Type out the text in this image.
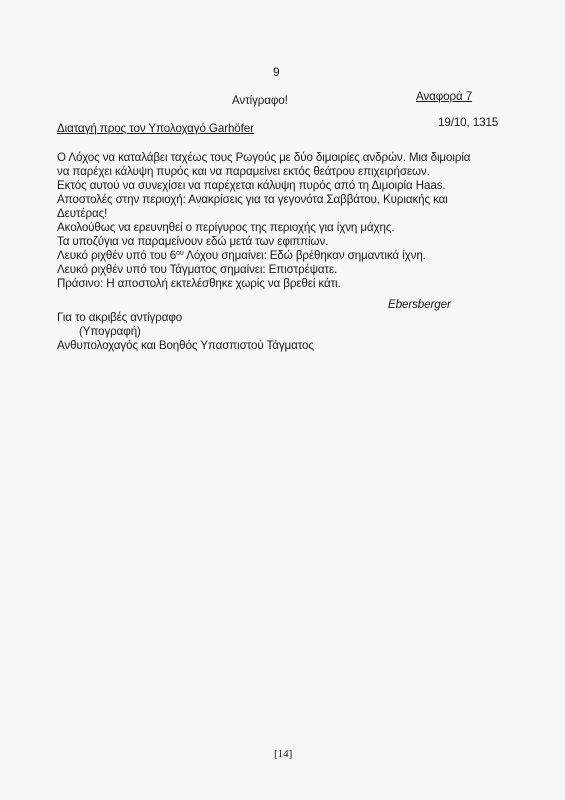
9
Αντίγραφο!	Αναφορά 7
Διαταγή προς τον Υπολοχαγό Garhöfer	19/10, 1315
Ο Λόχος να καταλάβει ταχέως τους Ρωγούς με δύο διμοιρίες ανδρών. Μια διμοιρία
να παρέχει κάλυψη πυρός και να παραμείνει εκτός θεάτρου επιχειρήσεων.
Εκτός αυτού να συνεχίσει να παρέχεται κάλυψη πυρός από τη Διμοιρία Haas.
Αποστολές στην περιοχή: Ανακρίσεις για τα γεγονότα Σαββάτου, Κυριακής και
Δευτέρας!
Ακολούθως να ερευνηθεί ο περίγυρος της περιοχής για ίχνη μάχης.
Τα υποζύγια να παραμείνουν εδώ μετά των εφιππίων.
Λευκό ριχθέν υπό του $6^{o\upsilon}$ Λόχου σημαίνει: Εδώ βρέθηκαν σημαντικά ίχνη.
Λευκό ριχθέν υπό του Τάγματος σημαίνει: Επιστρέψατε.
Πράσινο: Η αποστολή εκτελέσθηκε χωρίς να βρεθεί κάτι.
Ebersberger
Για το ακριβές αντίγραφο
(Υπογραφή)
Ανθυπολοχαγός και Βοηθός Υπασπιστού Τάγματος
[14]
